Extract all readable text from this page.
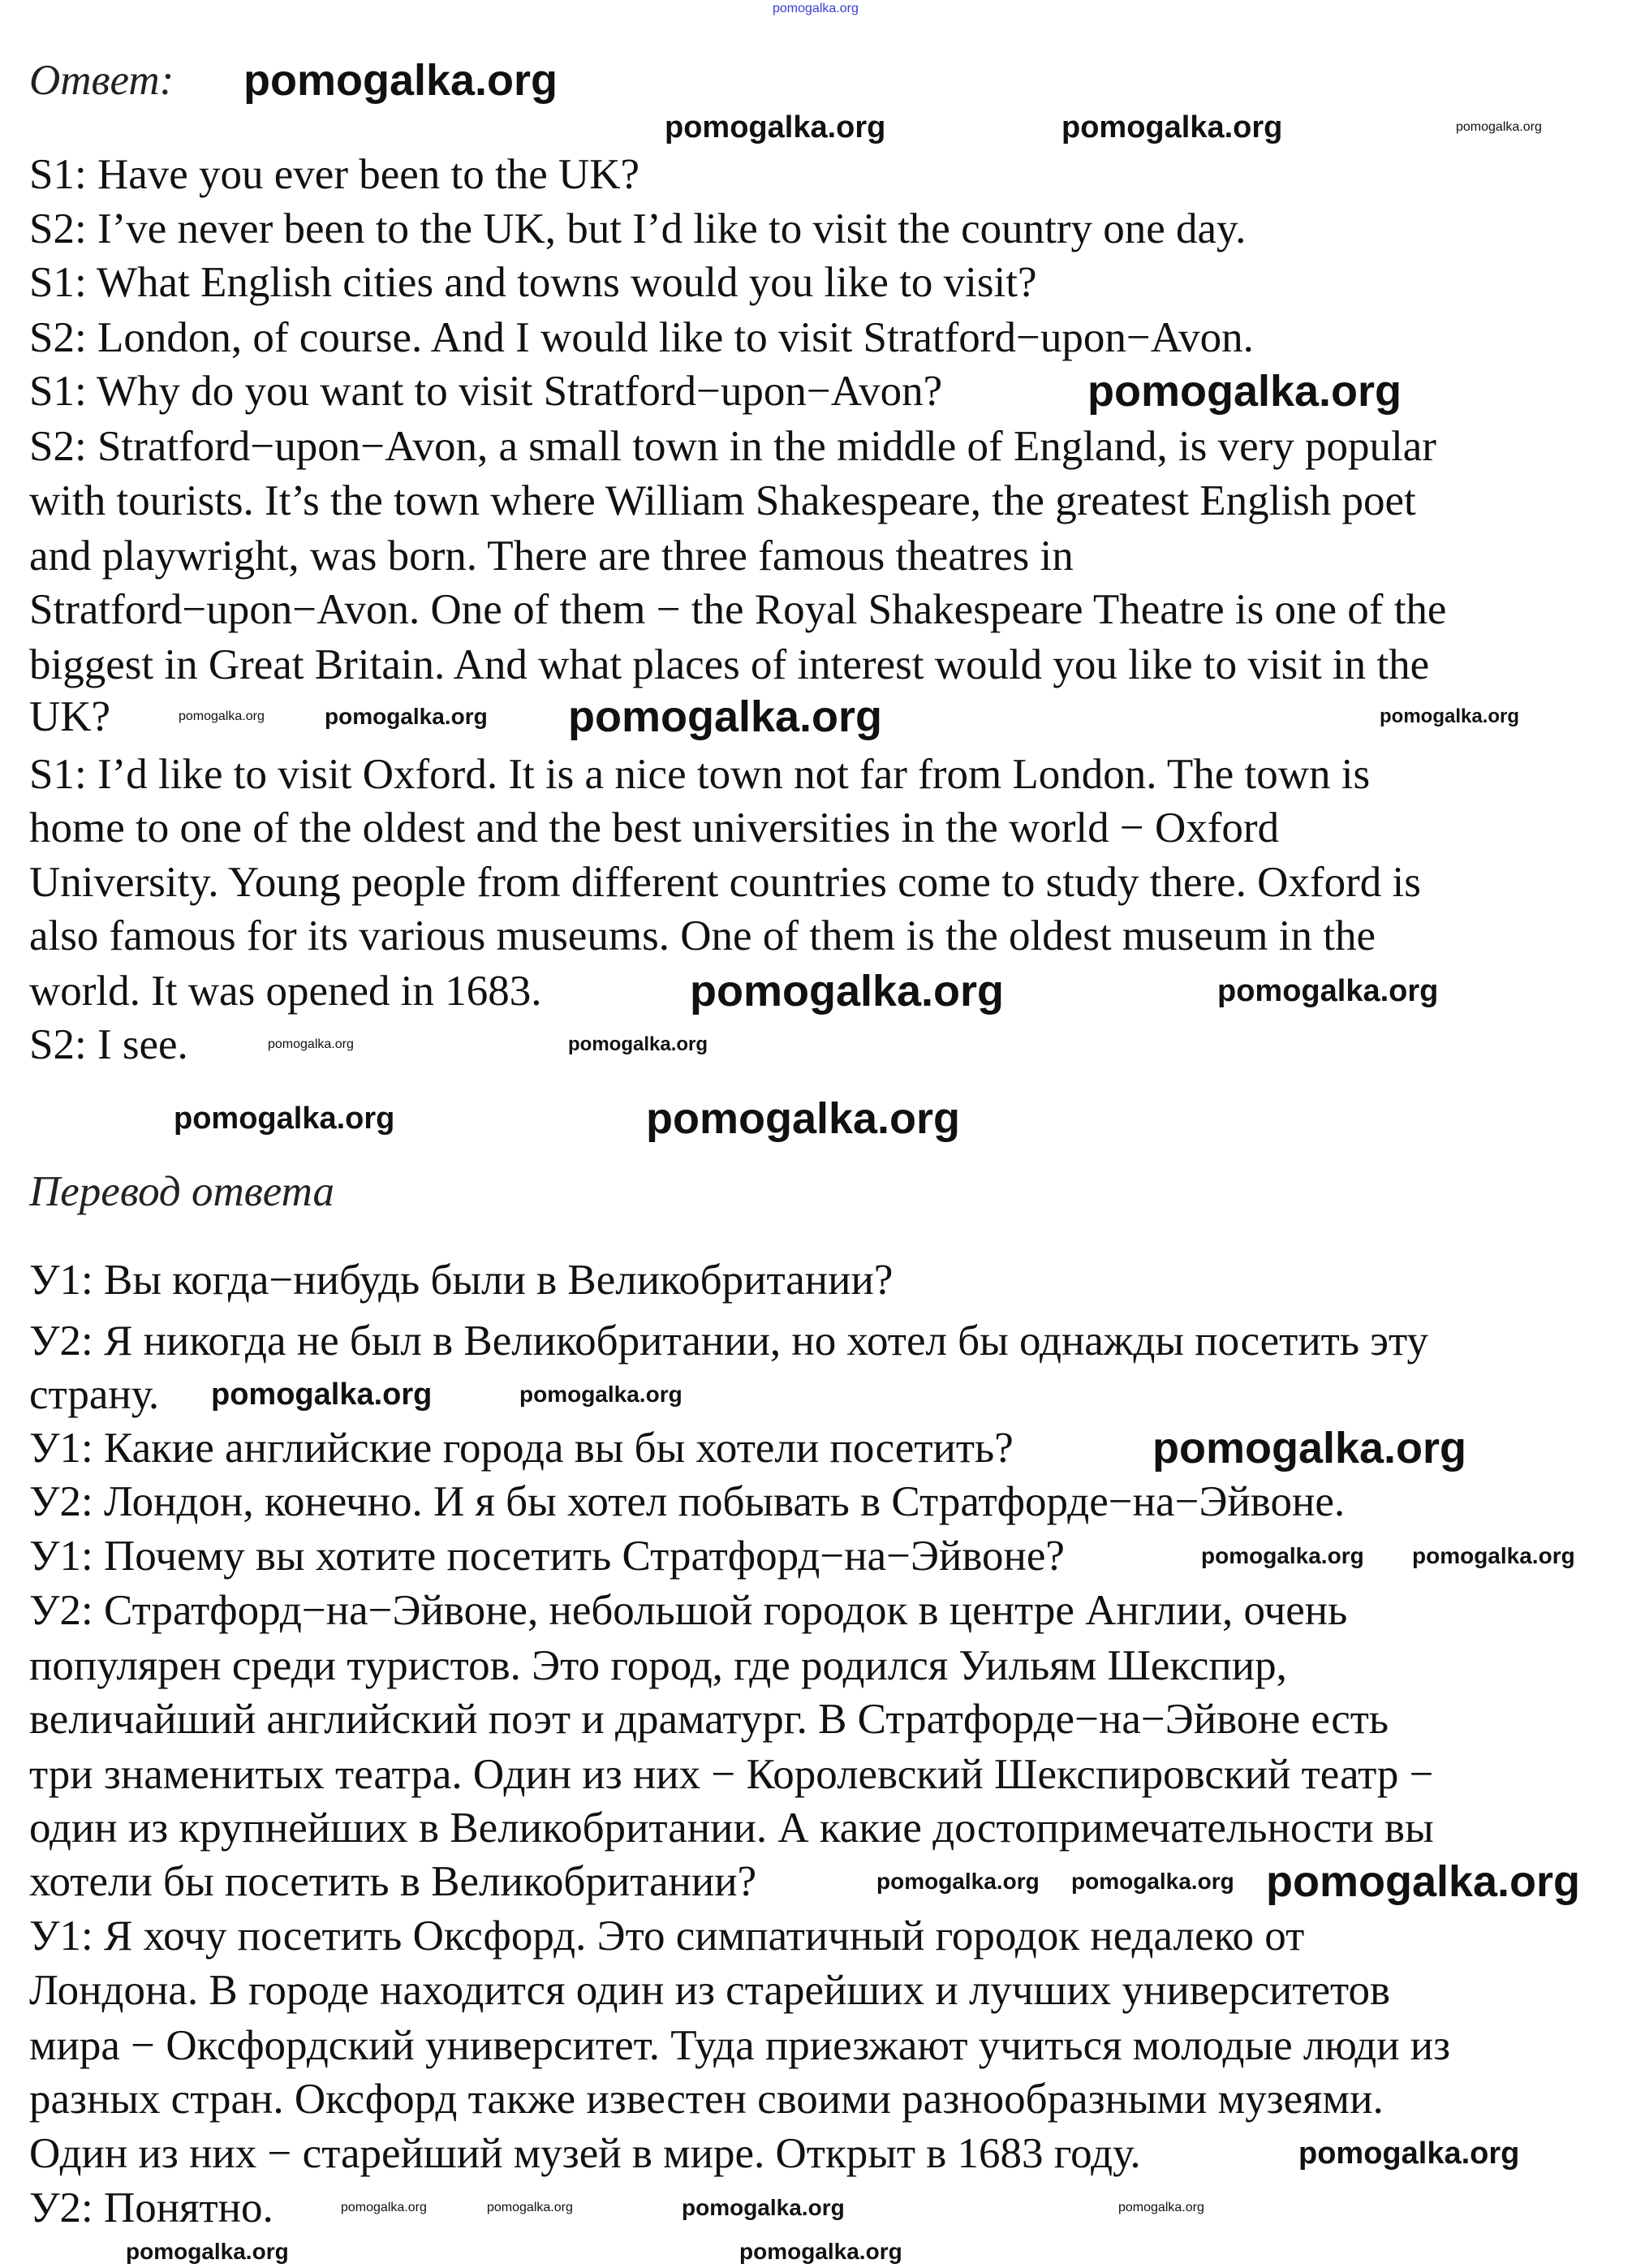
Ответ:
S1: Have you ever been to the UK?
S2: I’ve never been to the UK, but I’d like to visit the country one day.
S1: What English cities and towns would you like to visit?
S2: London, of course. And I would like to visit Stratford−upon−Avon.
S1: Why do you want to visit Stratford−upon−Avon?
S2: Stratford−upon−Avon, a small town in the middle of England, is very popular
with tourists. It’s the town where William Shakespeare, the greatest English poet
and playwright, was born. There are three famous theatres in
Stratford−upon−Avon. One of them − the Royal Shakespeare Theatre is one of the
biggest in Great Britain. And what places of interest would you like to visit in the
UK?
S1: I’d like to visit Oxford. It is a nice town not far from London. The town is
home to one of the oldest and the best universities in the world − Oxford
University. Young people from different countries come to study there. Oxford is
also famous for its various museums. One of them is the oldest museum in the
world. It was opened in 1683.
S2: I see.
Перевод ответа
У1: Вы когда−нибудь были в Великобритании?
У2: Я никогда не был в Великобритании, но хотел бы однажды посетить эту
страну.
У1: Какие английские города вы бы хотели посетить?
У2: Лондон, конечно. И я бы хотел побывать в Стратфорде−на−Эйвоне.
У1: Почему вы хотите посетить Стратфорд−на−Эйвоне?
У2: Стратфорд−на−Эйвоне, небольшой городок в центре Англии, очень
популярен среди туристов. Это город, где родился Уильям Шекспир,
величайший английский поэт и драматург. В Стратфорде−на−Эйвоне есть
три знаменитых театра. Один из них − Королевский Шекспировский театр −
один из крупнейших в Великобритании. А какие достопримечательности вы
хотели бы посетить в Великобритании?
У1: Я хочу посетить Оксфорд. Это симпатичный городок недалеко от
Лондона. В городе находится один из старейших и лучших университетов
мира − Оксфордский университет. Туда приезжают учиться молодые люди из
разных стран. Оксфорд также известен своими разнообразными музеями.
Один из них − старейший музей в мире. Открыт в 1683 году.
У2: Понятно.
pomogalka.org
pomogalka.org
pomogalka.org	pomogalka.org	pomogalka.org
pomogalka.org
pomogalka.org
pomogalka.org
pomogalka.org	pomogalka.org
pomogalka.org
pomogalka.org
pomogalka.org
pomogalka.org
pomogalka.org	pomogalka.org
pomogalka.org
pomogalka.org
pomogalka.org
pomogalka.org pomogalka.org
pomogalka.org pomogalka.org pomogalka.org
pomogalka.org
pomogalka.org
pomogalka.org
pomogalka.org
pomogalka.org	pomogalka.org	pomogalka.org
